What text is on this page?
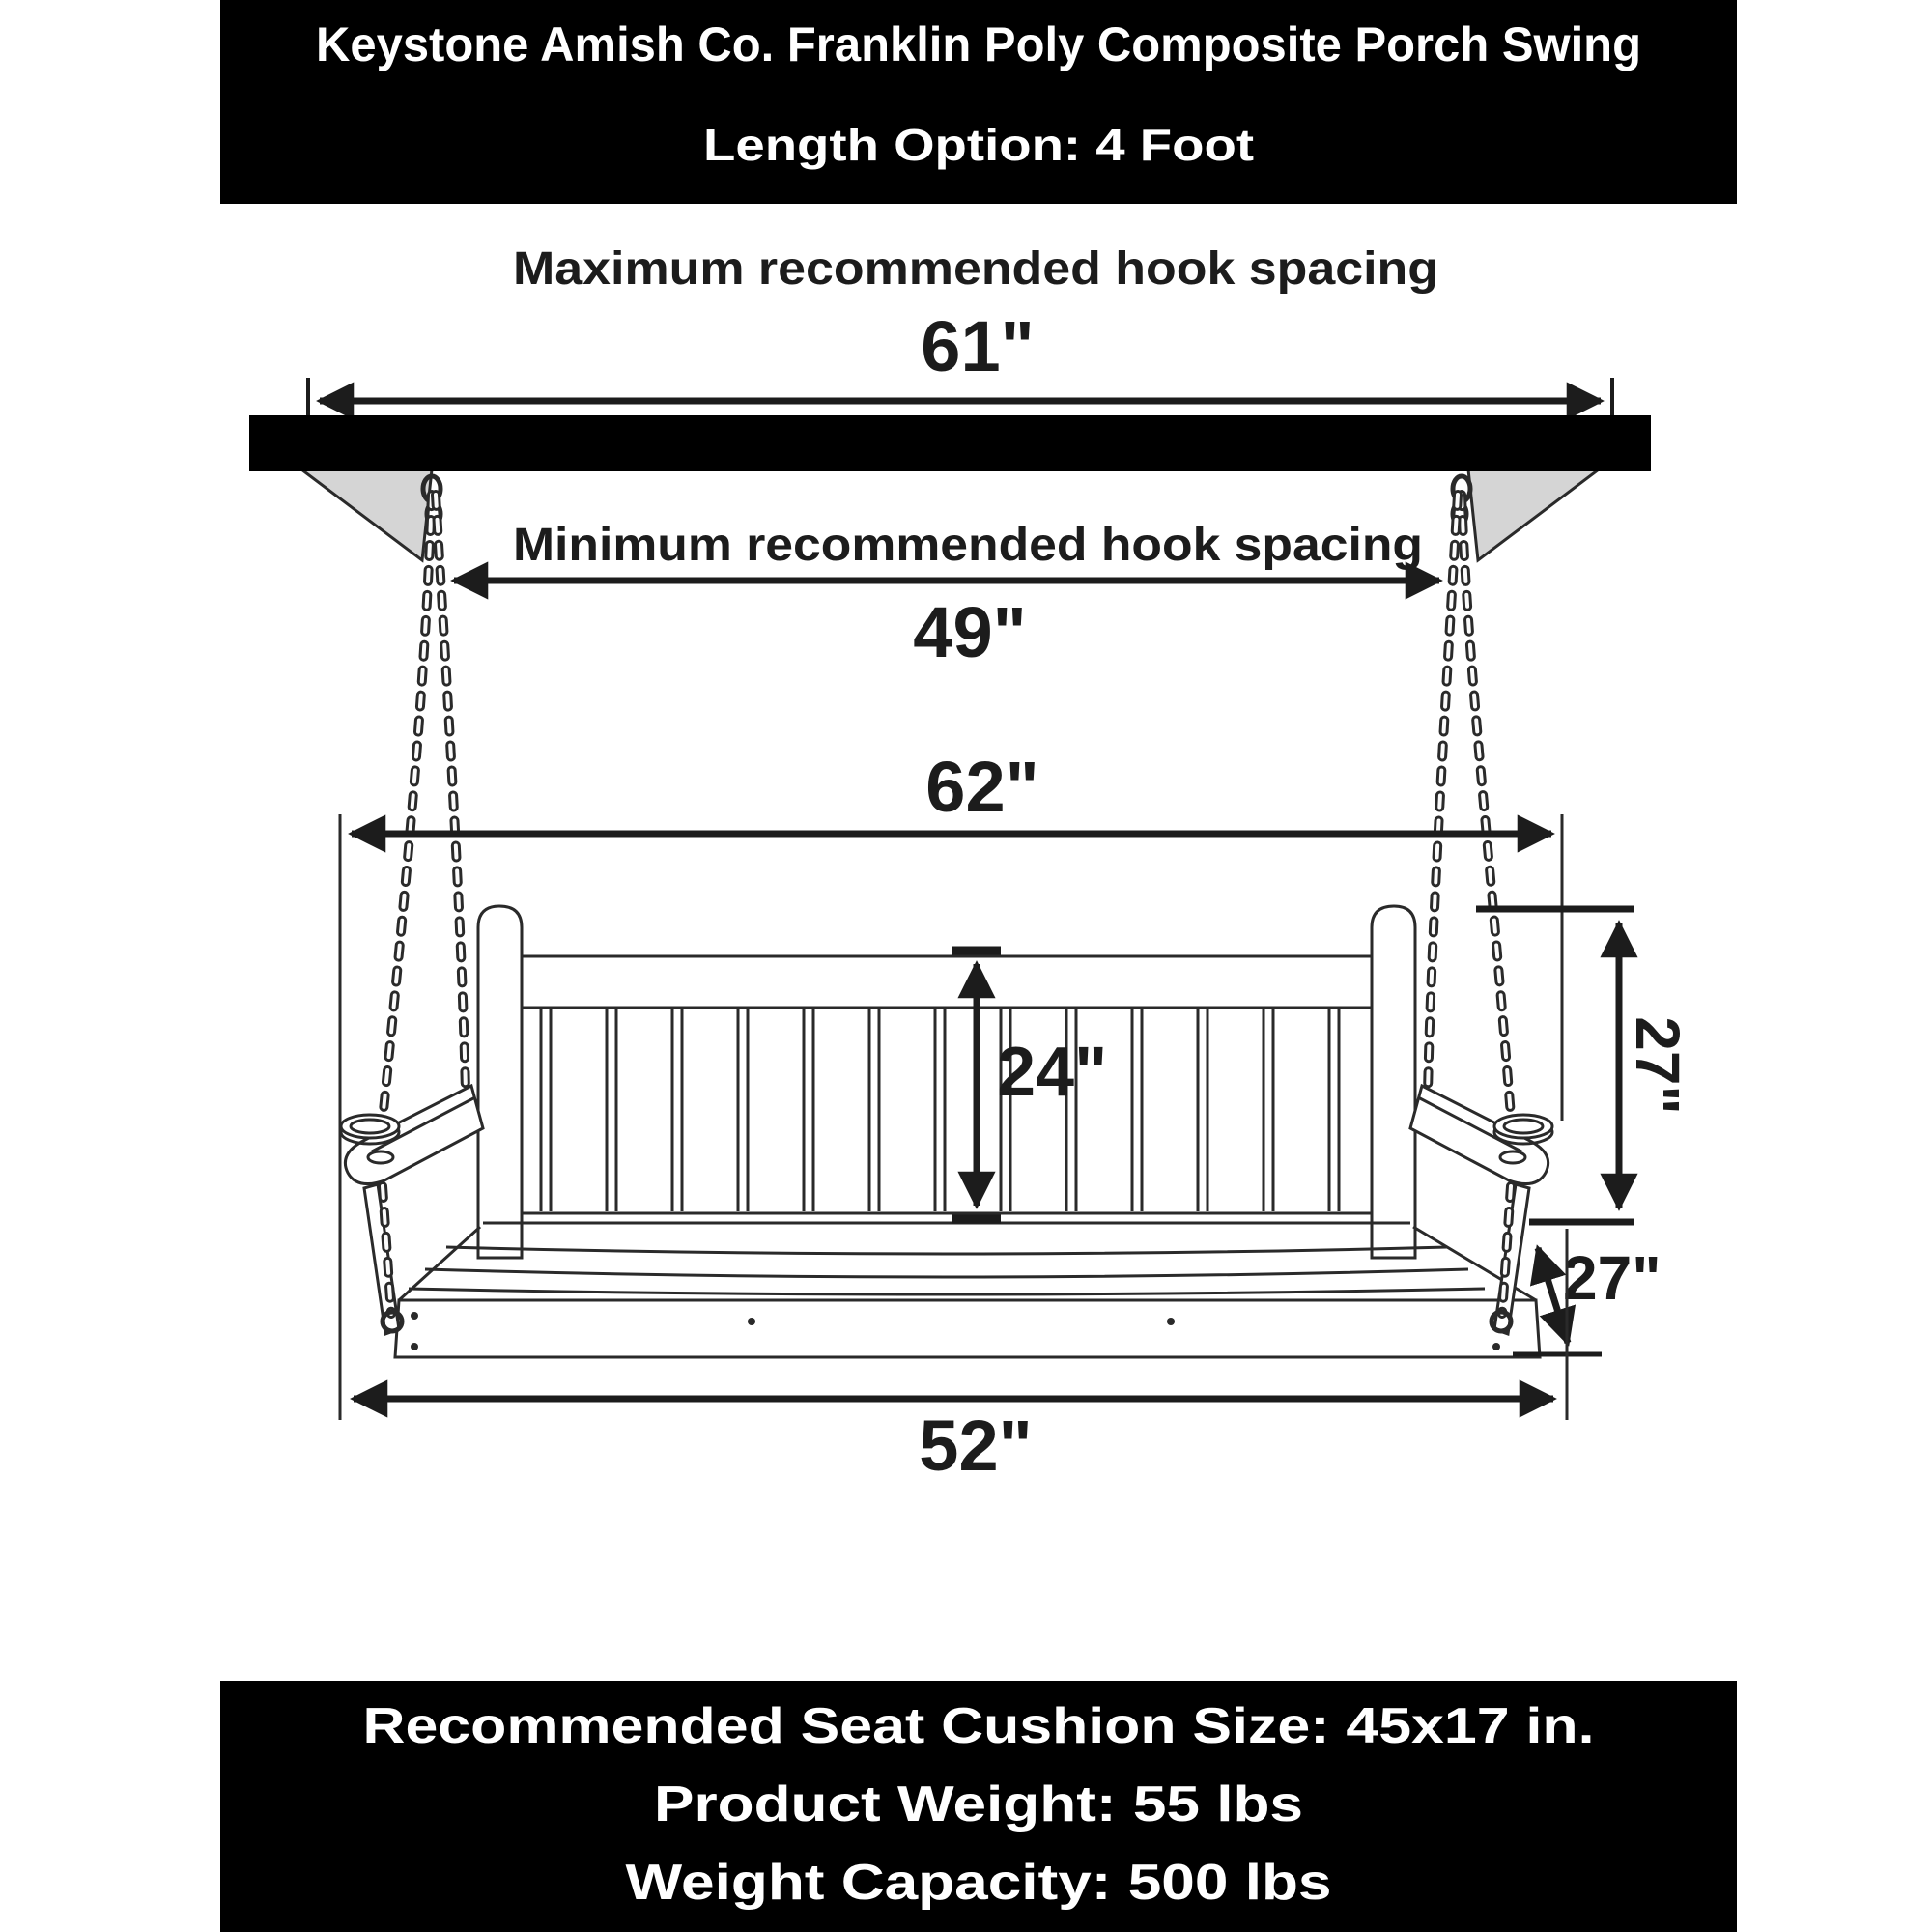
Keystone Amish Co. Franklin Poly Composite Porch Swing
Length Option: 4 Foot
Maximum recommended hook spacing
61"
Minimum recommended hook spacing
49"
62"
24"	27"
27"
52"
Recommended Seat Cushion Size: 45x17 in.
Product Weight: 55 lbs
Weight Capacity: 500 lbs
